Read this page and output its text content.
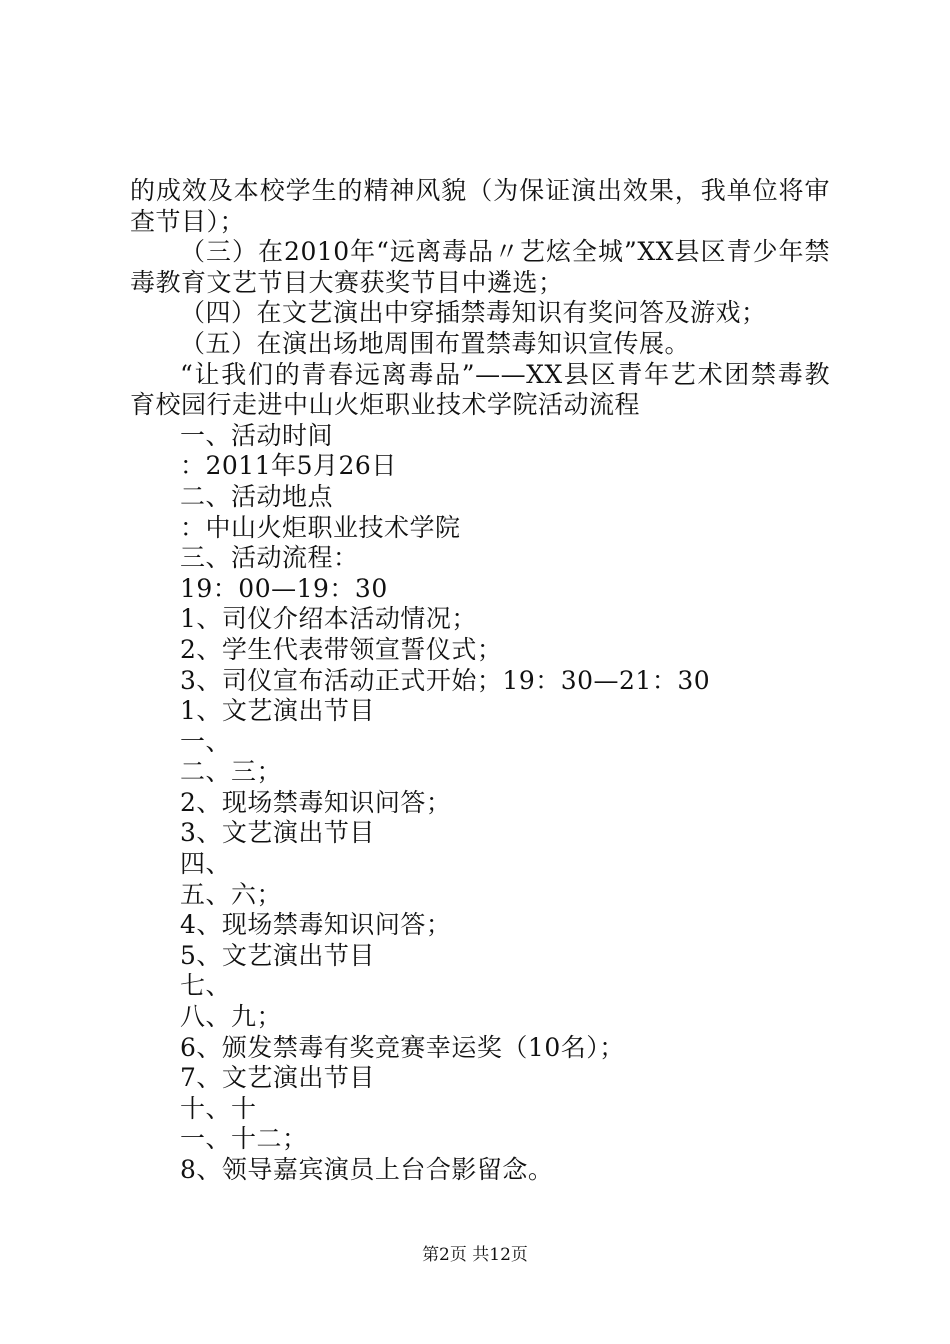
的成效及本校学生的精神风貌（为保证演出效果，我单位将审
查节目）；
（三）在2010年“远离毒品〃艺炫全城”XX县区青少年禁
毒教育文艺节目大赛获奖节目中遴选；
（四）在文艺演出中穿插禁毒知识有奖问答及游戏；
（五）在演出场地周围布置禁毒知识宣传展。
“让我们的青春远离毒品”——XX县区青年艺术团禁毒教
育校园行走进中山火炬职业技术学院活动流程
一、活动时间
：2011年5月26日
二、活动地点
：中山火炬职业技术学院
三、活动流程：
19：00—19：30
1、司仪介绍本活动情况；
2、学生代表带领宣誓仪式；
3、司仪宣布活动正式开始；19：30—21：30
1、文艺演出节目
一、
二、三；
2、现场禁毒知识问答；
3、文艺演出节目
四、
五、六；
4、现场禁毒知识问答；
5、文艺演出节目
七、
八、九；
6、颁发禁毒有奖竞赛幸运奖（10名）；
7、文艺演出节目
十、十
一、十二；
8、领导嘉宾演员上台合影留念。
第2页 共12页
